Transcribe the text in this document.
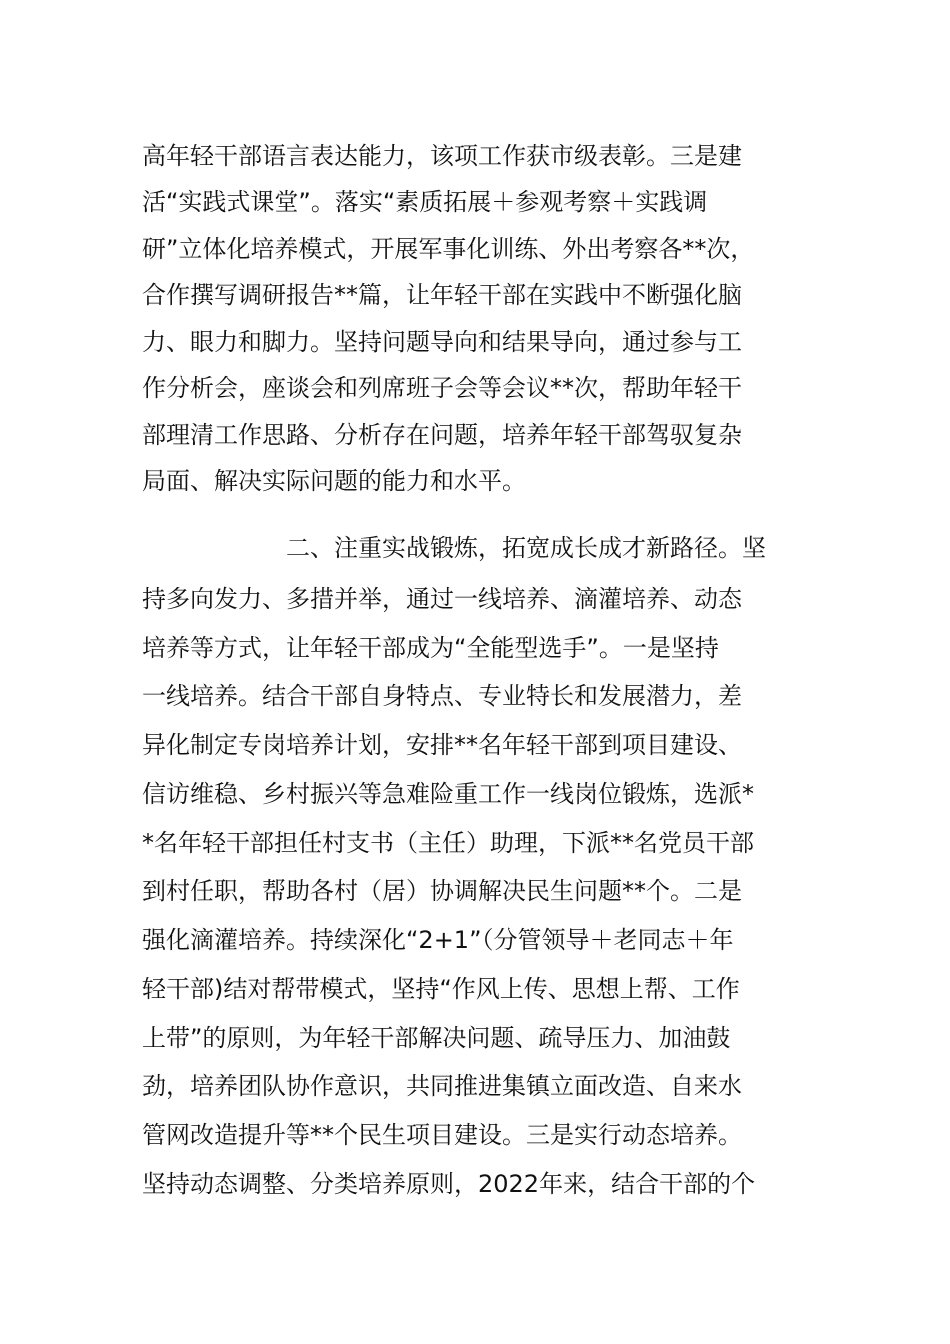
高年轻干部语言表达能力，该项工作获市级表彰。三是建
活“实践式课堂”。落实“素质拓展＋参观考察＋实践调
研”立体化培养模式，开展军事化训练、外出考察各**次，
合作撰写调研报告**篇，让年轻干部在实践中不断强化脑
力、眼力和脚力。坚持问题导向和结果导向，通过参与工
作分析会，座谈会和列席班子会等会议**次，帮助年轻干
部理清工作思路、分析存在问题，培养年轻干部驾驭复杂
局面、解决实际问题的能力和水平。
二、注重实战锻炼，拓宽成长成才新路径。坚
持多向发力、多措并举，通过一线培养、滴灌培养、动态
培养等方式，让年轻干部成为“全能型选手”。一是坚持
一线培养。结合干部自身特点、专业特长和发展潜力，差
异化制定专岗培养计划，安排**名年轻干部到项目建设、
信访维稳、乡村振兴等急难险重工作一线岗位锻炼，选派*
*名年轻干部担任村支书（主任）助理，下派**名党员干部
到村任职，帮助各村（居）协调解决民生问题**个。二是
强化滴灌培养。持续深化“2+1”（分管领导＋老同志＋年
轻干部)结对帮带模式，坚持“作风上传、思想上帮、工作
上带”的原则，为年轻干部解决问题、疏导压力、加油鼓
劲，培养团队协作意识，共同推进集镇立面改造、自来水
管网改造提升等**个民生项目建设。三是实行动态培养。
坚持动态调整、分类培养原则，2022年来，结合干部的个
